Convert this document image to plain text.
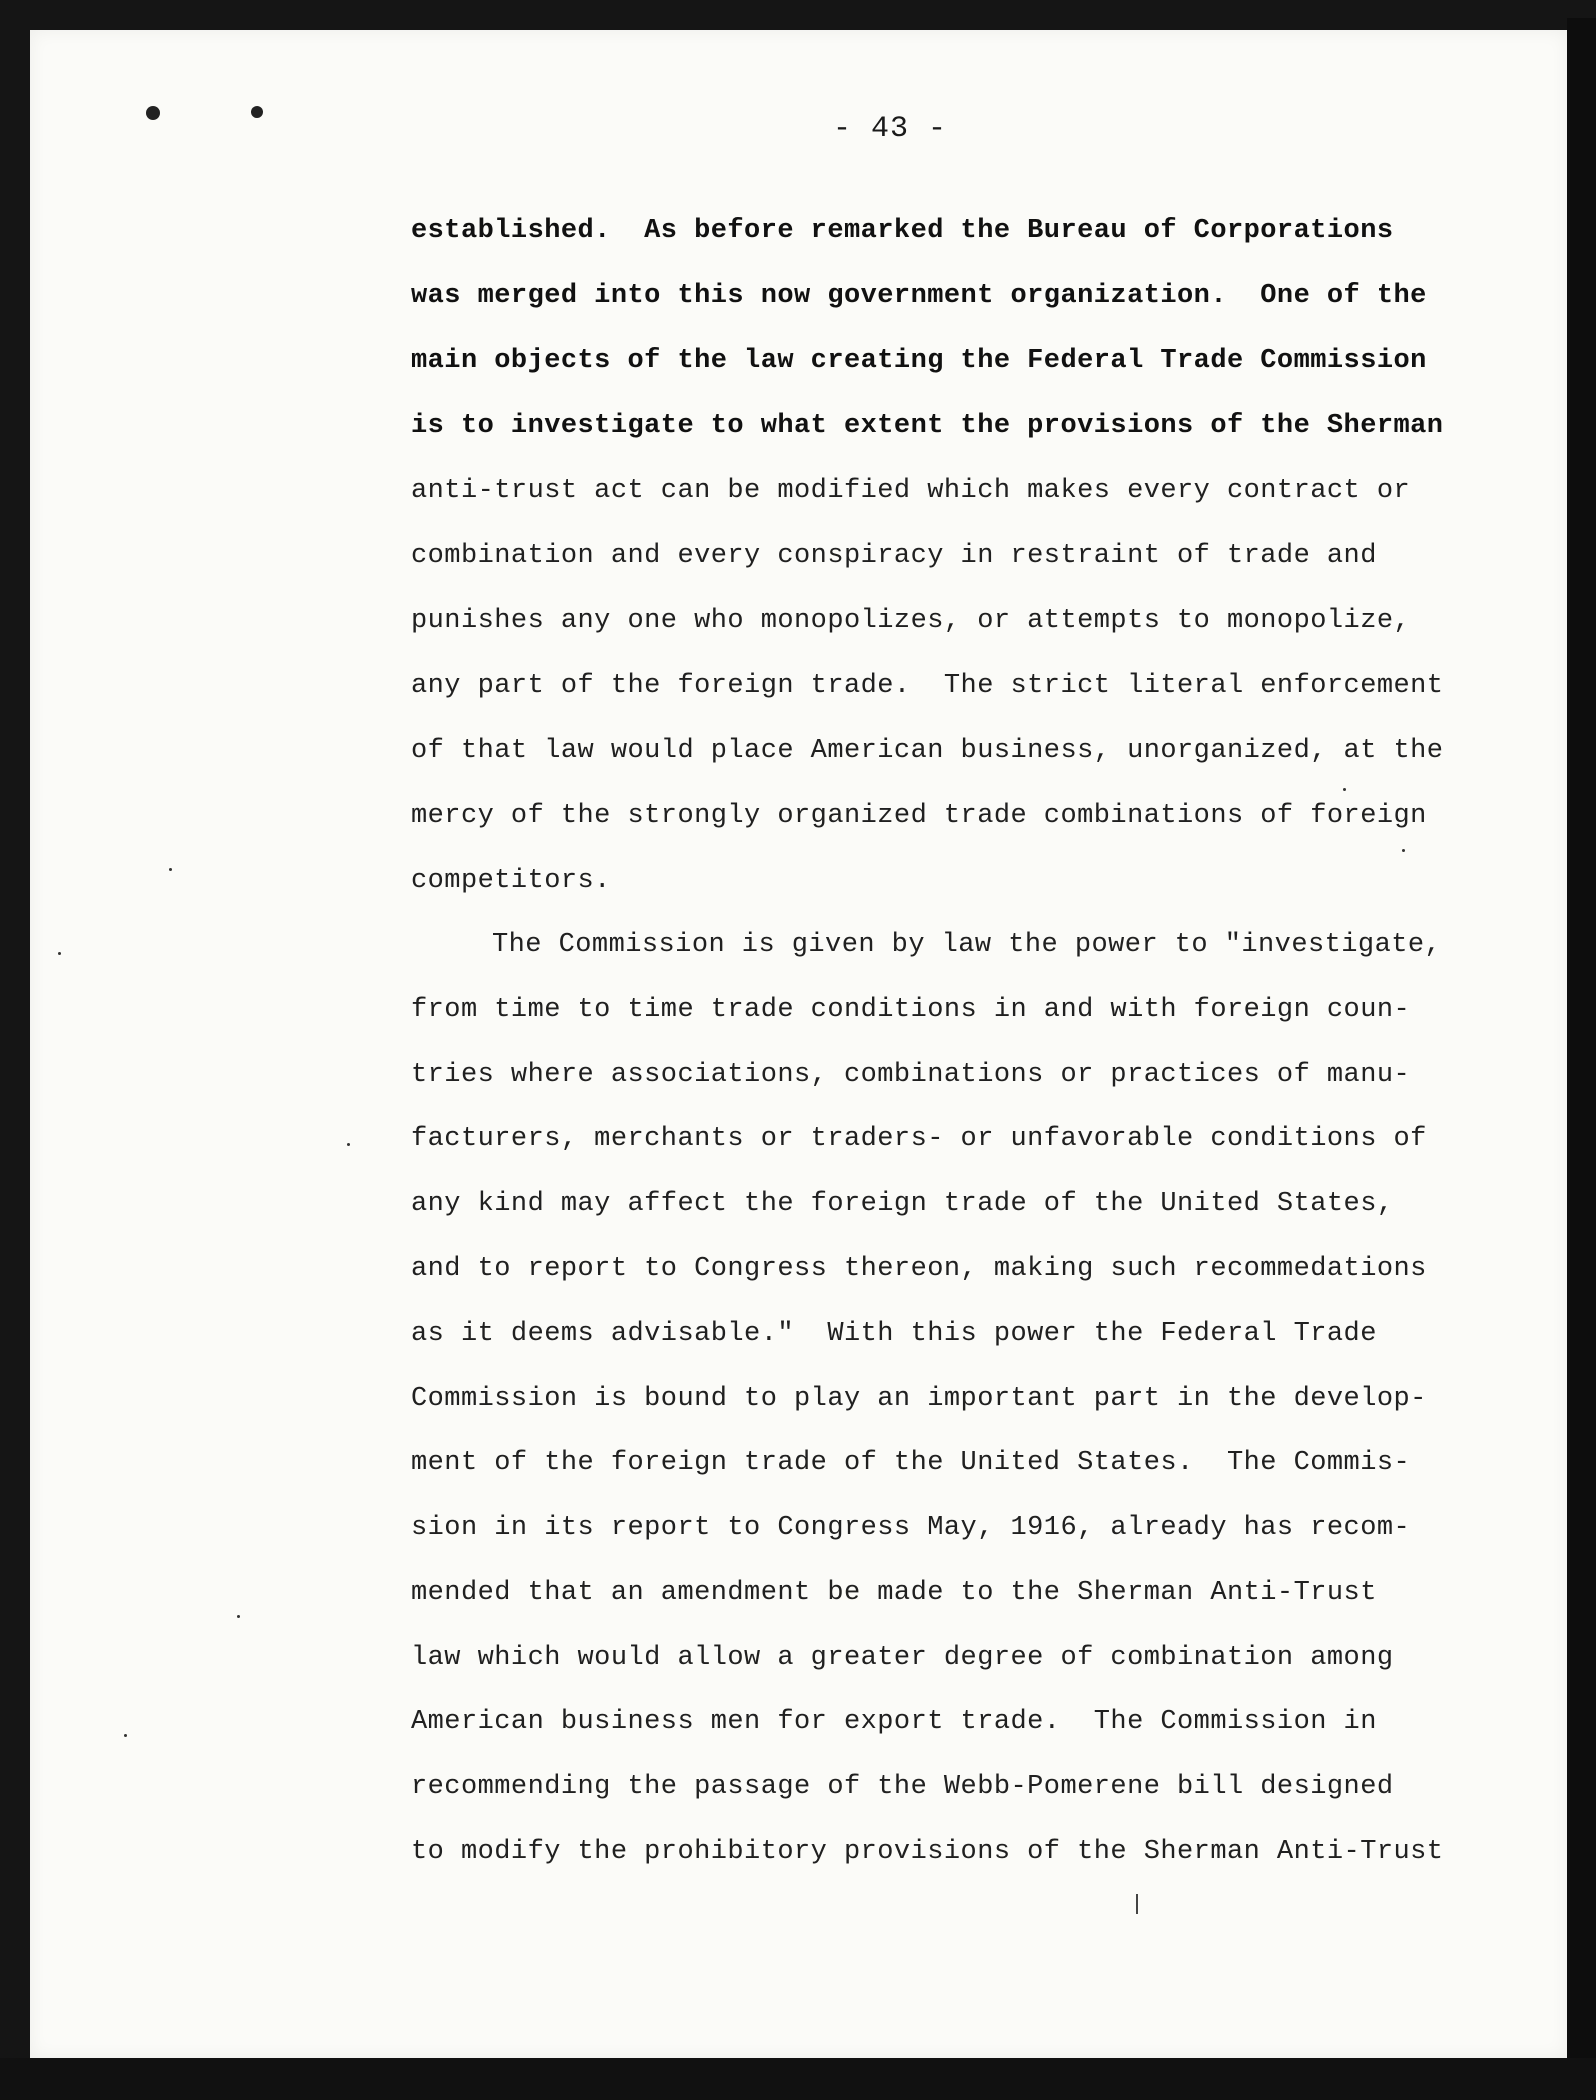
- 43 -
established.  As before remarked the Bureau of Corporations
was merged into this now government organization.  One of the
main objects of the law creating the Federal Trade Commission
is to investigate to what extent the provisions of the Sherman
anti-trust act can be modified which makes every contract or
combination and every conspiracy in restraint of trade and
punishes any one who monopolizes, or attempts to monopolize,
any part of the foreign trade.  The strict literal enforcement
of that law would place American business, unorganized, at the
mercy of the strongly organized trade combinations of foreign
competitors.
The Commission is given by law the power to "investigate,
from time to time trade conditions in and with foreign coun-
tries where associations, combinations or practices of manu-
facturers, merchants or traders- or unfavorable conditions of
any kind may affect the foreign trade of the United States,
and to report to Congress thereon, making such recommedations
as it deems advisable."  With this power the Federal Trade
Commission is bound to play an important part in the develop-
ment of the foreign trade of the United States.  The Commis-
sion in its report to Congress May, 1916, already has recom-
mended that an amendment be made to the Sherman Anti-Trust
law which would allow a greater degree of combination among
American business men for export trade.  The Commission in
recommending the passage of the Webb-Pomerene bill designed
to modify the prohibitory provisions of the Sherman Anti-Trust
